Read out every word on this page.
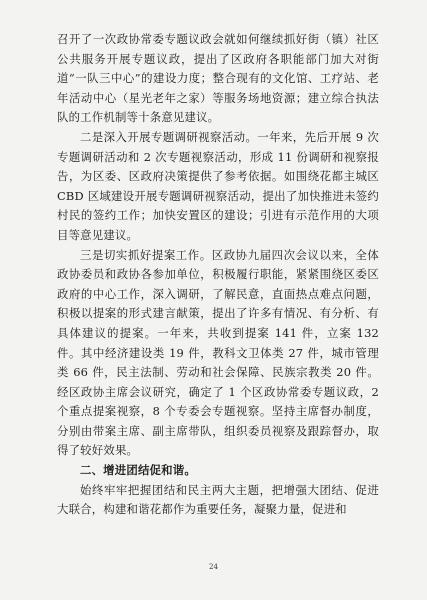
召开了一次政协常委专题议政会就如何继续抓好街（镇）社区公共服务开展专题议政，提出了区政府各职能部门加大对街道“一队三中心”的建设力度；整合现有的文化馆、工疗站、老年活动中心（星光老年之家）等服务场地资源；建立综合执法队的工作机制等十条意见建议。

二是深入开展专题调研视察活动。一年来，先后开展 9 次专题调研活动和 2 次专题视察活动，形成 11 份调研和视察报告，为区委、区政府决策提供了参考依据。如围绕花都主城区 CBD 区域建设开展专题调研视察活动，提出了加快推进未签约村民的签约工作；加快安置区的建设；引进有示范作用的大项目等意见建议。

三是切实抓好提案工作。区政协九届四次会议以来，全体政协委员和政协各参加单位，积极履行职能，紧紧围绕区委区政府的中心工作，深入调研，了解民意，直面热点难点问题，积极以提案的形式建言献策，提出了许多有情况、有分析、有具体建议的提案。一年来，共收到提案 141 件，立案 132 件。其中经济建设类 19 件，教科文卫体类 27 件，城市管理类 66 件，民主法制、劳动和社会保障、民族宗教类 20 件。经区政协主席会议研究，确定了 1 个区政协常委专题议政，2 个重点提案视察，8 个专委会专题视察。坚持主席督办制度，分别由带案主席、副主席带队，组织委员视察及跟踪督办，取得了较好效果。

二、增进团结促和谐。

始终牢牢把握团结和民主两大主题，把增强大团结、促进大联合，构建和谐花都作为重要任务，凝聚力量，促进和

24
